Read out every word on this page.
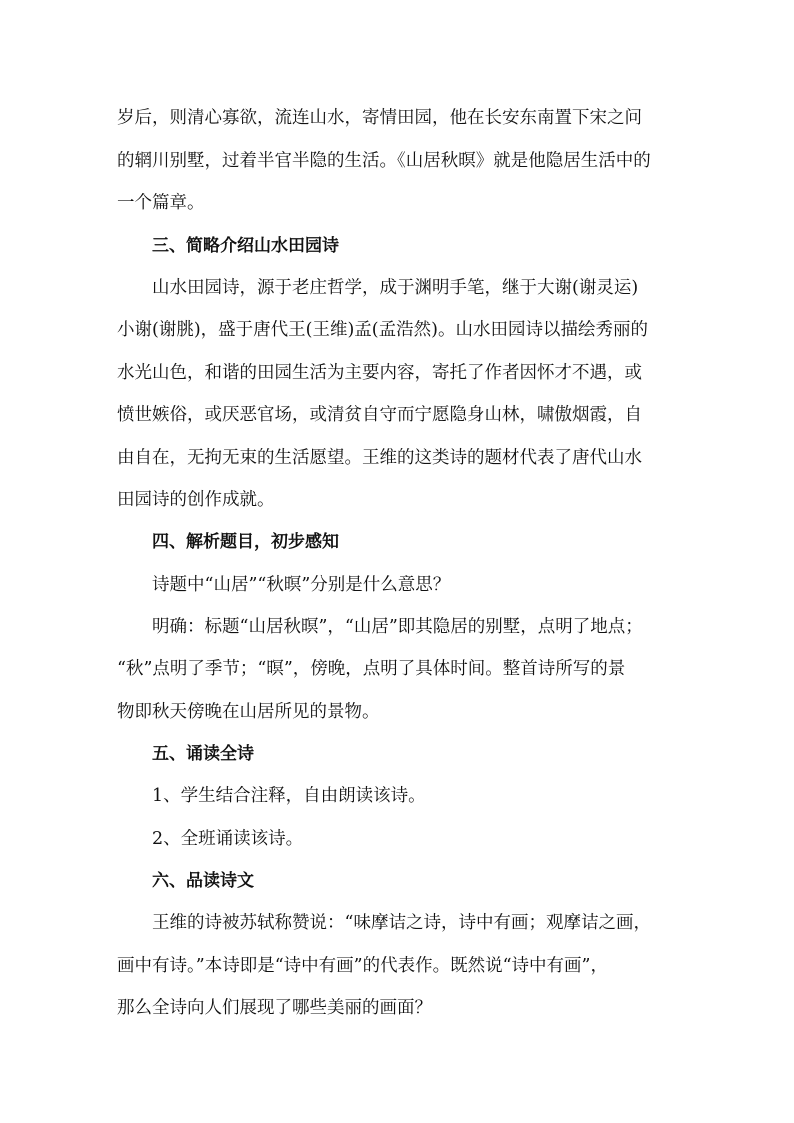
岁后，则清心寡欲，流连山水，寄情田园，他在长安东南置下宋之问
的辋川别墅，过着半官半隐的生活。《山居秋暝》就是他隐居生活中的
一个篇章。
三、简略介绍山水田园诗
山水田园诗，源于老庄哲学，成于渊明手笔，继于大谢(谢灵运)
小谢(谢朓)，盛于唐代王(王维)孟(孟浩然)。山水田园诗以描绘秀丽的
水光山色，和谐的田园生活为主要内容，寄托了作者因怀才不遇，或
愤世嫉俗，或厌恶官场，或清贫自守而宁愿隐身山林，啸傲烟霞，自
由自在，无拘无束的生活愿望。王维的这类诗的题材代表了唐代山水
田园诗的创作成就。
四、解析题目，初步感知
诗题中“山居”“秋暝”分别是什么意思？
明确：标题“山居秋暝”，“山居”即其隐居的别墅，点明了地点；
“秋”点明了季节；“暝”，傍晚，点明了具体时间。整首诗所写的景
物即秋天傍晚在山居所见的景物。
五、诵读全诗
1、学生结合注释，自由朗读该诗。
2、全班诵读该诗。
六、品读诗文
王维的诗被苏轼称赞说：“味摩诘之诗，诗中有画；观摩诘之画，
画中有诗。”本诗即是“诗中有画”的代表作。既然说“诗中有画”，
那么全诗向人们展现了哪些美丽的画面？
